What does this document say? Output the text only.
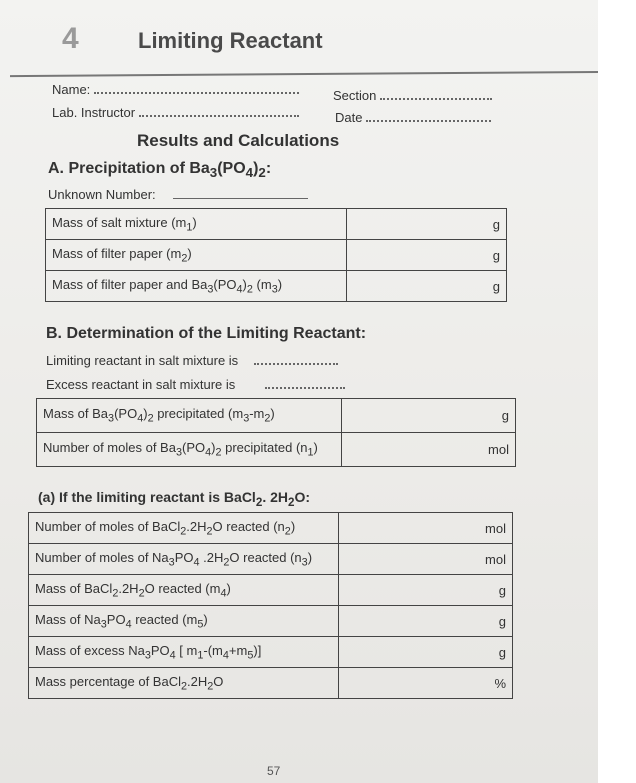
4	Limiting Reactant
Name:	Section
Lab. Instructor	Date
Results and Calculations
A. Precipitation of $Ba_3(PO_4)_2$:
Unknown Number:
Mass of salt mixture $(m_1)$		g
Mass of filter paper $(m_2)$		g
Mass of filter paper and $Ba_3(PO_4)_2$ $(m_3)$		g
B. Determination of the Limiting Reactant:
Limiting reactant in salt mixture is
Excess reactant in salt mixture is
Mass of $Ba_3(PO_4)_2$ precipitated $(m_3-m_2)$		g
Number of moles of $Ba_3(PO_4)_2$ precipitated $(n_1)$		mol
(a) If the limiting reactant is BaCl$_2$. $2H_2O$:
Number of moles of $BaCl_2.2H_2O$ reacted $(n_2)$		mol
Number of moles of $Na_3PO_4$ $.2H_2O$ reacted $(n_3)$		mol
Mass of $BaCl_2.2H_2O$ reacted $(m_4)$		g
Mass of $Na_3PO_4$ reacted $(m_5)$		g
Mass of excess $Na_3PO_4$ [ $m_1-(m_4+m_5)$]		g
Mass percentage of $BaCl_2.2H_2O$		%
57
